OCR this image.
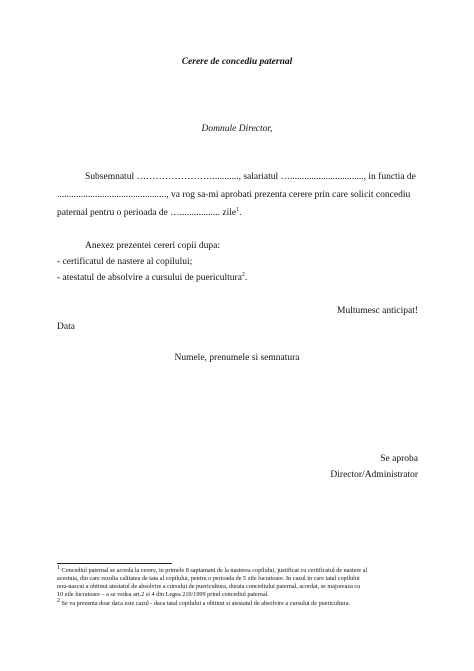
Cerere de concediu paternal
Domnule Director,
Subsemnatul ……………………..........., salariatul …..............................., in functia de
.............................................., va rog sa-mi aprobati prezenta cerere prin care solicit concediu
paternal pentru o perioada de …................. zile$^1$.
Anexez prezentei cereri copii dupa:
- certificatul de nastere al copilului;
- atestatul de absolvire a cursului de puericultura$^2$.
Multumesc anticipat!
Data
Numele, prenumele si semnatura
Se aproba
Director/Administrator
$^1$ Concediul paternal se acorda la cerere, in primele 8 saptamani de la nasterea copilului, justificat cu certificatul de nastere al
acestuia, din care rezulta calitatea de tata al copilului, pentru o perioada de 5 zile lucratoare. In cazul in care tatal copilului
nou-nascut a obtinut atestatul de absolvire a cursului de puericultura, durata concediului paternal, acordat, se majoreaza cu
10 zile lucratoare – a se vedea art.2 si 4 din Legea 210/1999 prind concediul paternal.
$^2$ Se va prezenta doar daca este cazul - daca tatal copilului a obtinut si atestatul de absolvire a cursului de puericultura.
